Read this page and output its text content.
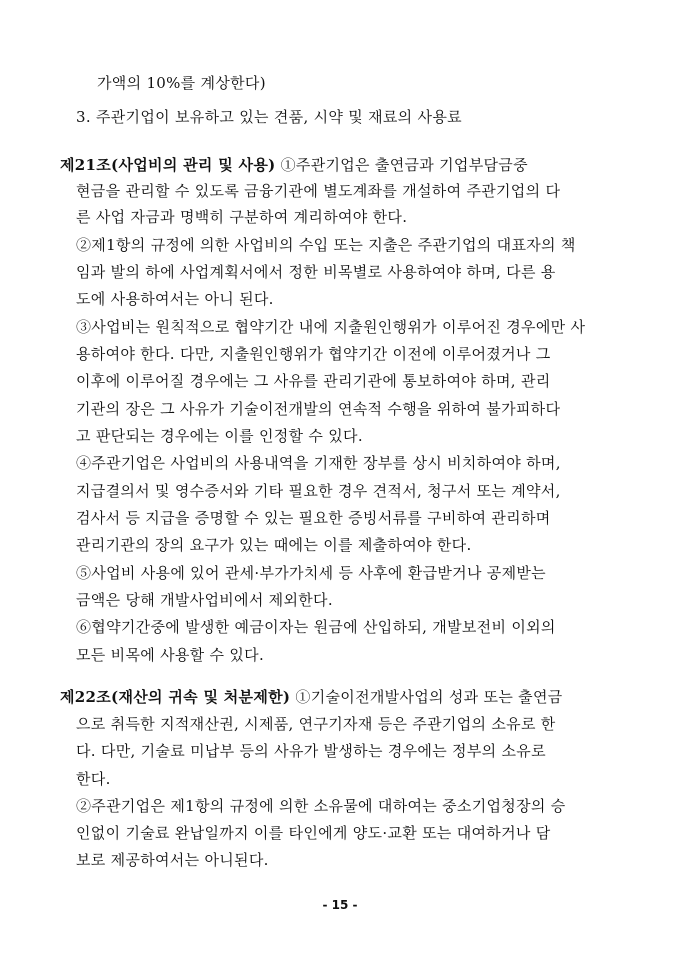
가액의 10%를 계상한다)
3. 주관기업이 보유하고 있는 견품, 시약 및 재료의 사용료
제21조(사업비의 관리 및 사용) ①주관기업은 출연금과 기업부담금중
현금을 관리할 수 있도록 금융기관에 별도계좌를 개설하여 주관기업의 다
른 사업 자금과 명백히 구분하여 계리하여야 한다.
②제1항의 규정에 의한 사업비의 수입 또는 지출은 주관기업의 대표자의 책
임과 발의 하에 사업계획서에서 정한 비목별로 사용하여야 하며, 다른 용
도에 사용하여서는 아니 된다.
③사업비는 원칙적으로 협약기간 내에 지출원인행위가 이루어진 경우에만 사
용하여야 한다. 다만, 지출원인행위가 협약기간 이전에 이루어졌거나 그
이후에 이루어질 경우에는 그 사유를 관리기관에 통보하여야 하며, 관리
기관의 장은 그 사유가 기술이전개발의 연속적 수행을 위하여 불가피하다
고 판단되는 경우에는 이를 인정할 수 있다.
④주관기업은 사업비의 사용내역을 기재한 장부를 상시 비치하여야 하며,
지급결의서 및 영수증서와 기타 필요한 경우 견적서, 청구서 또는 계약서,
검사서 등 지급을 증명할 수 있는 필요한 증빙서류를 구비하여 관리하며
관리기관의 장의 요구가 있는 때에는 이를 제출하여야 한다.
⑤사업비 사용에 있어 관세·부가가치세 등 사후에 환급받거나 공제받는
금액은 당해 개발사업비에서 제외한다.
⑥협약기간중에 발생한 예금이자는 원금에 산입하되, 개발보전비 이외의
모든 비목에 사용할 수 있다.
제22조(재산의 귀속 및 처분제한) ①기술이전개발사업의 성과 또는 출연금
으로 취득한 지적재산권, 시제품, 연구기자재 등은 주관기업의 소유로 한
다. 다만, 기술료 미납부 등의 사유가 발생하는 경우에는 정부의 소유로
한다.
②주관기업은 제1항의 규정에 의한 소유물에 대하여는 중소기업청장의 승
인없이 기술료 완납일까지 이를 타인에게 양도·교환 또는 대여하거나 담
보로 제공하여서는 아니된다.
- 15 -
